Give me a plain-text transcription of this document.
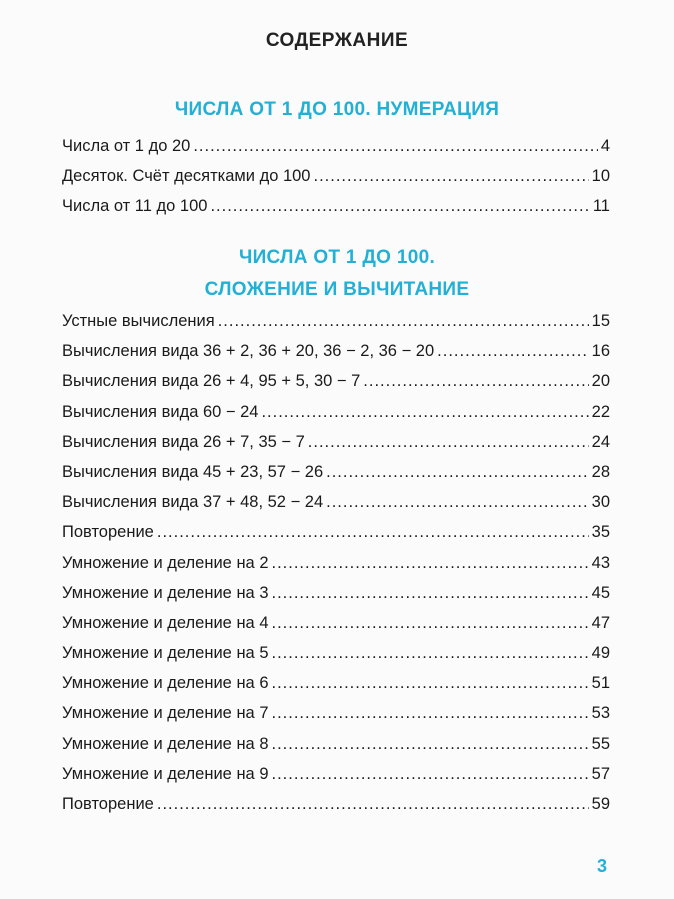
СОДЕРЖАНИЕ
ЧИСЛА ОТ 1 ДО 100. НУМЕРАЦИЯ
Числа от 1 до 20 .....	4
Десяток. Счёт десятками до 100 .....	10
Числа от 11 до 100 .....	11
ЧИСЛА ОТ 1 ДО 100.
СЛОЖЕНИЕ И ВЫЧИТАНИЕ
Устные вычисления .....	15
Вычисления вида 36 + 2, 36 + 20, 36 − 2, 36 − 20 .....	16
Вычисления вида 26 + 4, 95 + 5, 30 − 7 .....	20
Вычисления вида 60 − 24 .....	22
Вычисления вида 26 + 7, 35 − 7 .....	24
Вычисления вида 45 + 23, 57 − 26 .....	28
Вычисления вида 37 + 48, 52 − 24 .....	30
Повторение .....	35
Умножение и деление на 2 .....	43
Умножение и деление на 3 .....	45
Умножение и деление на 4 .....	47
Умножение и деление на 5 .....	49
Умножение и деление на 6 .....	51
Умножение и деление на 7 .....	53
Умножение и деление на 8 .....	55
Умножение и деление на 9 .....	57
Повторение .....	59
3
